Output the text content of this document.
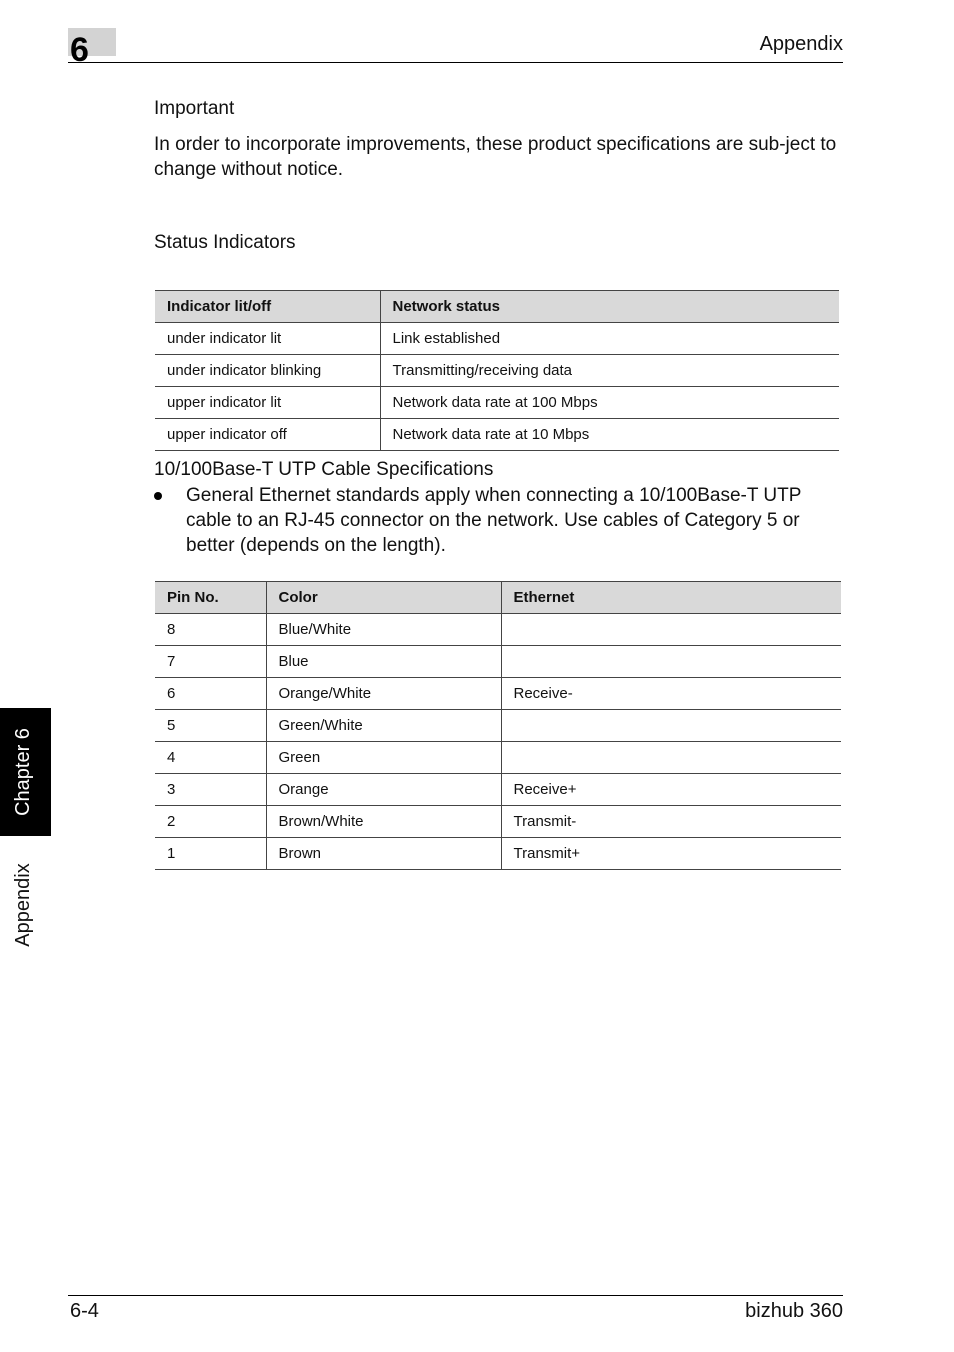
6	Appendix
Important

In order to incorporate improvements, these product specifications are sub-ject to change without notice.

Status Indicators
Indicator lit/off	Network status
under indicator lit	Link established
under indicator blinking	Transmitting/receiving data
upper indicator lit	Network data rate at 100 Mbps
upper indicator off	Network data rate at 10 Mbps
10/100Base-T UTP Cable Specifications
General Ethernet standards apply when connecting a 10/100Base-T UTP cable to an RJ-45 connector on the network. Use cables of Category 5 or better (depends on the length).
Pin No.	Color	Ethernet
8	Blue/White	
7	Blue	
6	Orange/White	Receive-
5	Green/White	
4	Green	
3	Orange	Receive+
2	Brown/White	Transmit-
1	Brown	Transmit+
Chapter 6
Appendix
6-4	bizhub 360
